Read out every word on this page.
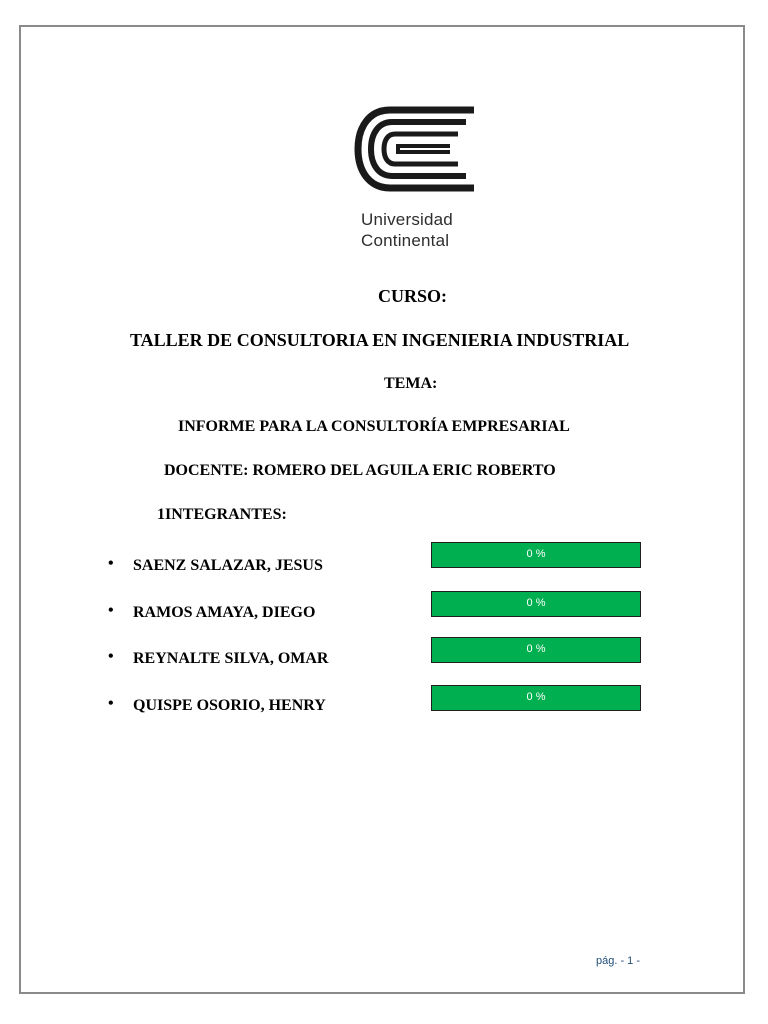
Universidad
Continental
CURSO:
TALLER DE CONSULTORIA EN INGENIERIA INDUSTRIAL
TEMA:
INFORME PARA LA CONSULTORÍA EMPRESARIAL
DOCENTE: ROMERO DEL AGUILA ERIC ROBERTO
1INTEGRANTES:
• SAENZ SALAZAR, JESUS
0 %
• RAMOS AMAYA, DIEGO
0 %
• REYNALTE SILVA, OMAR
0 %
• QUISPE OSORIO, HENRY	0 %
pág. - 1 -
